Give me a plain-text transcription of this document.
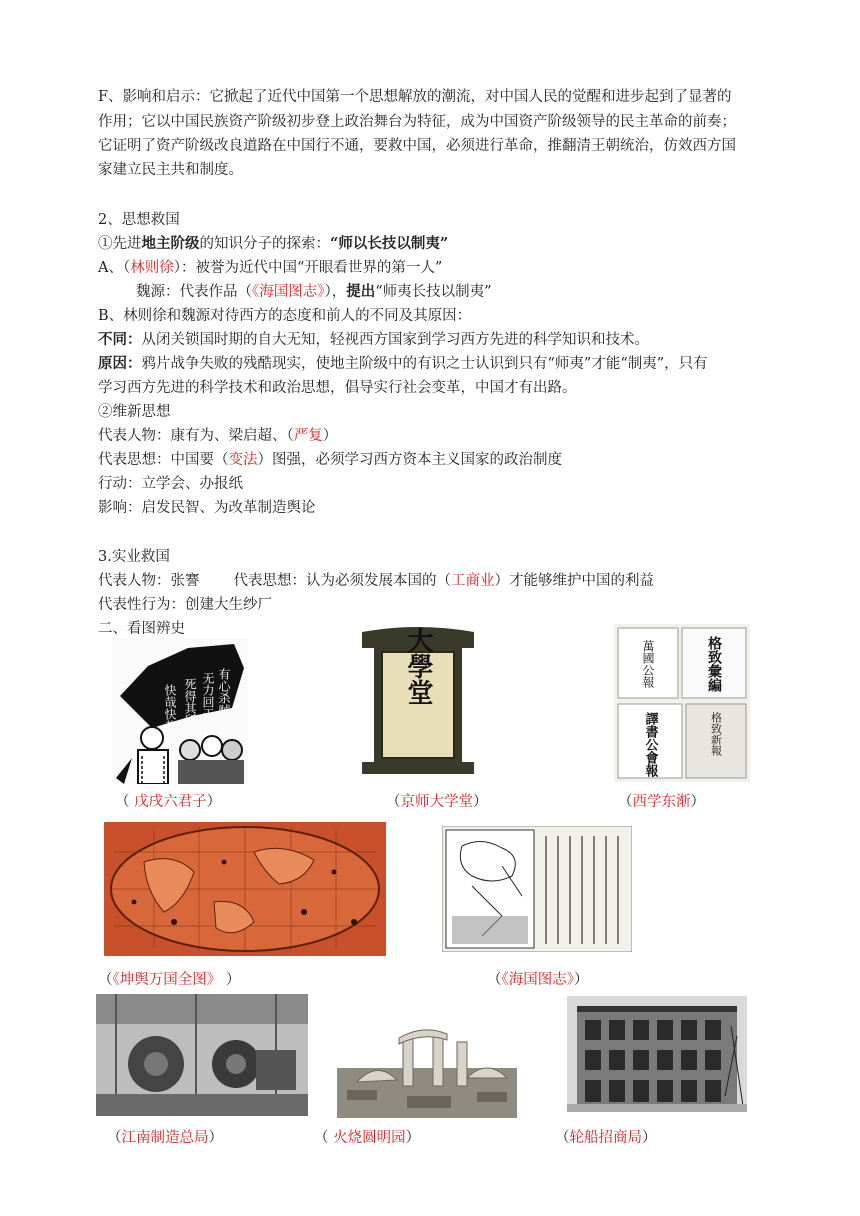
F、影响和启示：它掀起了近代中国第一个思想解放的潮流，对中国人民的觉醒和进步起到了显著的
作用；它以中国民族资产阶级初步登上政治舞台为特征，成为中国资产阶级领导的民主革命的前奏；
它证明了资产阶级改良道路在中国行不通，要救中国，必须进行革命，推翻清王朝统治，仿效西方国
家建立民主共和制度。
2、思想救国
①先进地主阶级的知识分子的探索：“师以长技以制夷”
A、（林则徐）：被誉为近代中国“开眼看世界的第一人”
魏源：代表作品（《海国图志》），提出“师夷长技以制夷”
B、林则徐和魏源对待西方的态度和前人的不同及其原因：
不同：从闭关锁国时期的自大无知，轻视西方国家到学习西方先进的科学知识和技术。
原因：鸦片战争失败的残酷现实，使地主阶级中的有识之士认识到只有“师夷”才能“制夷”，只有
学习西方先进的科学技术和政治思想，倡导实行社会变革，中国才有出路。
②维新思想
代表人物：康有为、梁启超、（严复）
代表思想：中国要（变法）图强，必须学习西方资本主义国家的政治制度
行动：立学会、办报纸
影响：启发民智、为改革制造舆论
3.实业救国
代表人物：张謇 代表思想：认为必须发展本国的（工商业）才能够维护中国的利益
代表性行为：创建大生纱厂
二、看图辨史
有心杀贼
无力回天
死得其所
快哉快哉
大學堂	萬國公報	格致彙編
譯書公會報	格致新報
（ 戊戌六君子）	（京师大学堂）	（西学东渐）
（《坤舆万国全图》 ）	（《海国图志》）
（江南制造总局）	（ 火烧圆明园）	（轮船招商局）
